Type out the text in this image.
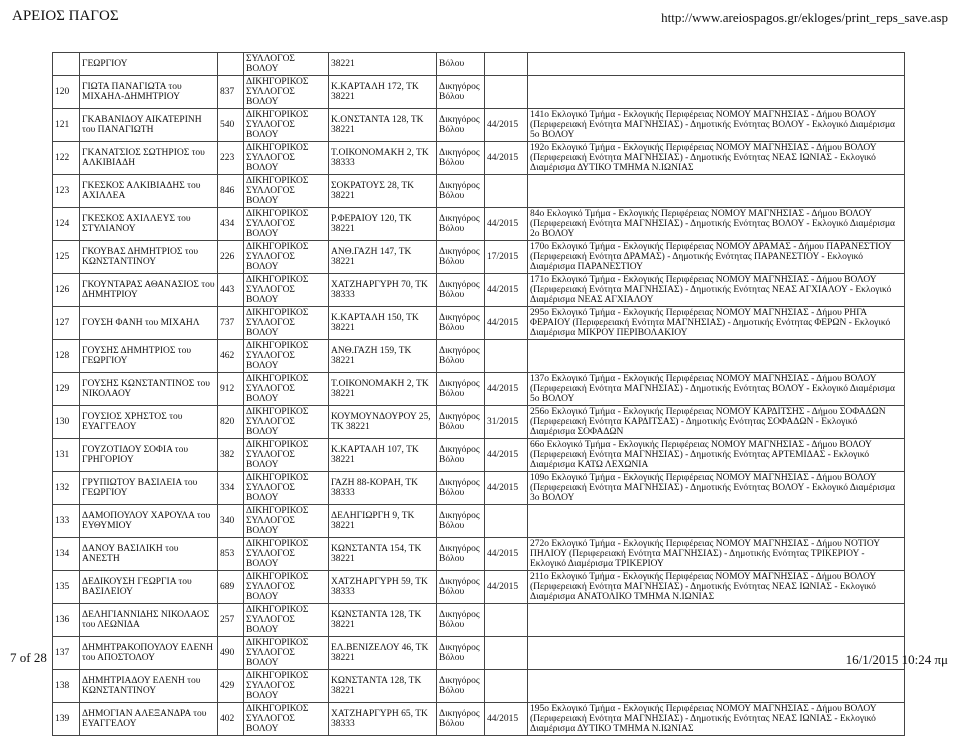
ΑΡΕΙΟΣ ΠΑΓΟΣ	http://www.areiospagos.gr/ekloges/print_reps_save.asp
	ΓΕΩΡΓΙΟΥ		ΣΥΛΛΟΓΟΣ ΒΟΛΟΥ	38221	Βόλου		
120	ΓΙΩΤΑ ΠΑΝΑΓΙΩΤΑ του ΜΙΧΑΗΛ-ΔΗΜΗΤΡΙΟΥ	837	ΔΙΚΗΓΟΡΙΚΟΣ ΣΥΛΛΟΓΟΣ ΒΟΛΟΥ	Κ.ΚΑΡΤΑΛΗ 172, ΤΚ 38221	Δικηγόρος Βόλου		
121	ΓΚΑΒΑΝΙΔΟΥ ΑΙΚΑΤΕΡΙΝΗ του ΠΑΝΑΓΙΩΤΗ	540	ΔΙΚΗΓΟΡΙΚΟΣ ΣΥΛΛΟΓΟΣ ΒΟΛΟΥ	Κ.ΟΝΣΤΑΝΤΑ 128, ΤΚ 38221	Δικηγόρος Βόλου	44/2015	141ο Εκλογικό Τμήμα - Εκλογικής Περιφέρειας ΝΟΜΟΥ ΜΑΓΝΗΣΙΑΣ - Δήμου ΒΟΛΟΥ (Περιφερειακή Ενότητα ΜΑΓΝΗΣΙΑΣ) - Δημοτικής Ενότητας ΒΟΛΟΥ - Εκλογικό Διαμέρισμα 5ο ΒΟΛΟΥ
122	ΓΚΑΝΑΤΣΙΟΣ ΣΩΤΗΡΙΟΣ του ΑΛΚΙΒΙΑΔΗ	223	ΔΙΚΗΓΟΡΙΚΟΣ ΣΥΛΛΟΓΟΣ ΒΟΛΟΥ	Τ.ΟΙΚΟΝΟΜΑΚΗ 2, ΤΚ 38333	Δικηγόρος Βόλου	44/2015	192ο Εκλογικό Τμήμα - Εκλογικής Περιφέρειας ΝΟΜΟΥ ΜΑΓΝΗΣΙΑΣ - Δήμου ΒΟΛΟΥ (Περιφερειακή Ενότητα ΜΑΓΝΗΣΙΑΣ) - Δημοτικής Ενότητας ΝΕΑΣ ΙΩΝΙΑΣ - Εκλογικό Διαμέρισμα ΔΥΤΙΚΟ ΤΜΗΜΑ Ν.ΙΩΝΙΑΣ
123	ΓΚΕΣΚΟΣ ΑΛΚΙΒΙΑΔΗΣ του ΑΧΙΛΛΕΑ	846	ΔΙΚΗΓΟΡΙΚΟΣ ΣΥΛΛΟΓΟΣ ΒΟΛΟΥ	ΣΟΚΡΑΤΟΥΣ 28, ΤΚ 38221	Δικηγόρος Βόλου		
124	ΓΚΕΣΚΟΣ ΑΧΙΛΛΕΥΣ του ΣΤΥΛΙΑΝΟΥ	434	ΔΙΚΗΓΟΡΙΚΟΣ ΣΥΛΛΟΓΟΣ ΒΟΛΟΥ	Ρ.ΦΕΡΑΙΟΥ 120, ΤΚ 38221	Δικηγόρος Βόλου	44/2015	84ο Εκλογικό Τμήμα - Εκλογικής Περιφέρειας ΝΟΜΟΥ ΜΑΓΝΗΣΙΑΣ - Δήμου ΒΟΛΟΥ (Περιφερειακή Ενότητα ΜΑΓΝΗΣΙΑΣ) - Δημοτικής Ενότητας ΒΟΛΟΥ - Εκλογικό Διαμέρισμα 2ο ΒΟΛΟΥ
125	ΓΚΟΥΒΑΣ ΔΗΜΗΤΡΙΟΣ του ΚΩΝΣΤΑΝΤΙΝΟΥ	226	ΔΙΚΗΓΟΡΙΚΟΣ ΣΥΛΛΟΓΟΣ ΒΟΛΟΥ	ΑΝΘ.ΓΑΖΗ 147, ΤΚ 38221	Δικηγόρος Βόλου	17/2015	170ο Εκλογικό Τμήμα - Εκλογικής Περιφέρειας ΝΟΜΟΥ ΔΡΑΜΑΣ - Δήμου ΠΑΡΑΝΕΣΤΙΟΥ (Περιφερειακή Ενότητα ΔΡΑΜΑΣ) - Δημοτικής Ενότητας ΠΑΡΑΝΕΣΤΙΟΥ - Εκλογικό Διαμέρισμα ΠΑΡΑΝΕΣΤΙΟΥ
126	ΓΚΟΥΝΤΑΡΑΣ ΑΘΑΝΑΣΙΟΣ του ΔΗΜΗΤΡΙΟΥ	443	ΔΙΚΗΓΟΡΙΚΟΣ ΣΥΛΛΟΓΟΣ ΒΟΛΟΥ	ΧΑΤΖΗΑΡΓΥΡΗ 70, ΤΚ 38333	Δικηγόρος Βόλου	44/2015	171ο Εκλογικό Τμήμα - Εκλογικής Περιφέρειας ΝΟΜΟΥ ΜΑΓΝΗΣΙΑΣ - Δήμου ΒΟΛΟΥ (Περιφερειακή Ενότητα ΜΑΓΝΗΣΙΑΣ) - Δημοτικής Ενότητας ΝΕΑΣ ΑΓΧΙΑΛΟΥ - Εκλογικό Διαμέρισμα ΝΕΑΣ ΑΓΧΙΑΛΟΥ
127	ΓΟΥΣΗ ΦΑΝΗ του ΜΙΧΑΗΛ	737	ΔΙΚΗΓΟΡΙΚΟΣ ΣΥΛΛΟΓΟΣ ΒΟΛΟΥ	Κ.ΚΑΡΤΑΛΗ 150, ΤΚ 38221	Δικηγόρος Βόλου	44/2015	295ο Εκλογικό Τμήμα - Εκλογικής Περιφέρειας ΝΟΜΟΥ ΜΑΓΝΗΣΙΑΣ - Δήμου ΡΗΓΑ ΦΕΡΑΙΟΥ (Περιφερειακή Ενότητα ΜΑΓΝΗΣΙΑΣ) - Δημοτικής Ενότητας ΦΕΡΩΝ - Εκλογικό Διαμέρισμα ΜΙΚΡΟΥ ΠΕΡΙΒΟΛΑΚΙΟΥ
128	ΓΟΥΣΗΣ ΔΗΜΗΤΡΙΟΣ του ΓΕΩΡΓΙΟΥ	462	ΔΙΚΗΓΟΡΙΚΟΣ ΣΥΛΛΟΓΟΣ ΒΟΛΟΥ	ΑΝΘ.ΓΑΖΗ 159, ΤΚ 38221	Δικηγόρος Βόλου		
129	ΓΟΥΣΗΣ ΚΩΝΣΤΑΝΤΙΝΟΣ του ΝΙΚΟΛΑΟΥ	912	ΔΙΚΗΓΟΡΙΚΟΣ ΣΥΛΛΟΓΟΣ ΒΟΛΟΥ	Τ.ΟΙΚΟΝΟΜΑΚΗ 2, ΤΚ 38221	Δικηγόρος Βόλου	44/2015	137ο Εκλογικό Τμήμα - Εκλογικής Περιφέρειας ΝΟΜΟΥ ΜΑΓΝΗΣΙΑΣ - Δήμου ΒΟΛΟΥ (Περιφερειακή Ενότητα ΜΑΓΝΗΣΙΑΣ) - Δημοτικής Ενότητας ΒΟΛΟΥ - Εκλογικό Διαμέρισμα 5ο ΒΟΛΟΥ
130	ΓΟΥΣΙΟΣ ΧΡΗΣΤΟΣ του ΕΥΑΓΓΕΛΟΥ	820	ΔΙΚΗΓΟΡΙΚΟΣ ΣΥΛΛΟΓΟΣ ΒΟΛΟΥ	ΚΟΥΜΟΥΝΔΟΥΡΟΥ 25, ΤΚ 38221	Δικηγόρος Βόλου	31/2015	256ο Εκλογικό Τμήμα - Εκλογικής Περιφέρειας ΝΟΜΟΥ ΚΑΡΔΙΤΣΗΣ - Δήμου ΣΟΦΑΔΩΝ (Περιφερειακή Ενότητα ΚΑΡΔΙΤΣΑΣ) - Δημοτικής Ενότητας ΣΟΦΑΔΩΝ - Εκλογικό Διαμέρισμα ΣΟΦΑΔΩΝ
131	ΓΟΥΖΟΤΙΔΟΥ ΣΟΦΙΑ του ΓΡΗΓΟΡΙΟΥ	382	ΔΙΚΗΓΟΡΙΚΟΣ ΣΥΛΛΟΓΟΣ ΒΟΛΟΥ	Κ.ΚΑΡΤΑΛΗ 107, ΤΚ 38221	Δικηγόρος Βόλου	44/2015	66ο Εκλογικό Τμήμα - Εκλογικής Περιφέρειας ΝΟΜΟΥ ΜΑΓΝΗΣΙΑΣ - Δήμου ΒΟΛΟΥ (Περιφερειακή Ενότητα ΜΑΓΝΗΣΙΑΣ) - Δημοτικής Ενότητας ΑΡΤΕΜΙΔΑΣ - Εκλογικό Διαμέρισμα ΚΑΤΩ ΛΕΧΩΝΙΑ
132	ΓΡΥΠΙΩΤΟΥ ΒΑΣΙΛΕΙΑ του ΓΕΩΡΓΙΟΥ	334	ΔΙΚΗΓΟΡΙΚΟΣ ΣΥΛΛΟΓΟΣ ΒΟΛΟΥ	ΓΑΖΗ 88-ΚΟΡΑΗ, ΤΚ 38333	Δικηγόρος Βόλου	44/2015	109ο Εκλογικό Τμήμα - Εκλογικής Περιφέρειας ΝΟΜΟΥ ΜΑΓΝΗΣΙΑΣ - Δήμου ΒΟΛΟΥ (Περιφερειακή Ενότητα ΜΑΓΝΗΣΙΑΣ) - Δημοτικής Ενότητας ΒΟΛΟΥ - Εκλογικό Διαμέρισμα 3ο ΒΟΛΟΥ
133	ΔΑΜΟΠΟΥΛΟΥ ΧΑΡΟΥΛΑ του ΕΥΘΥΜΙΟΥ	340	ΔΙΚΗΓΟΡΙΚΟΣ ΣΥΛΛΟΓΟΣ ΒΟΛΟΥ	ΔΕΛΗΓΙΩΡΓΗ 9, ΤΚ 38221	Δικηγόρος Βόλου		
134	ΔΑΝΟΥ ΒΑΣΙΛΙΚΗ του ΑΝΕΣΤΗ	853	ΔΙΚΗΓΟΡΙΚΟΣ ΣΥΛΛΟΓΟΣ ΒΟΛΟΥ	ΚΩΝΣΤΑΝΤΑ 154, ΤΚ 38221	Δικηγόρος Βόλου	44/2015	272ο Εκλογικό Τμήμα - Εκλογικής Περιφέρειας ΝΟΜΟΥ ΜΑΓΝΗΣΙΑΣ - Δήμου ΝΟΤΙΟΥ ΠΗΛΙΟΥ (Περιφερειακή Ενότητα ΜΑΓΝΗΣΙΑΣ) - Δημοτικής Ενότητας ΤΡΙΚΕΡΙΟΥ - Εκλογικό Διαμέρισμα ΤΡΙΚΕΡΙΟΥ
135	ΔΕΔΙΚΟΥΣΗ ΓΕΩΡΓΙΑ του ΒΑΣΙΛΕΙΟΥ	689	ΔΙΚΗΓΟΡΙΚΟΣ ΣΥΛΛΟΓΟΣ ΒΟΛΟΥ	ΧΑΤΖΗΑΡΓΥΡΗ 59, ΤΚ 38333	Δικηγόρος Βόλου	44/2015	211ο Εκλογικό Τμήμα - Εκλογικής Περιφέρειας ΝΟΜΟΥ ΜΑΓΝΗΣΙΑΣ - Δήμου ΒΟΛΟΥ (Περιφερειακή Ενότητα ΜΑΓΝΗΣΙΑΣ) - Δημοτικής Ενότητας ΝΕΑΣ ΙΩΝΙΑΣ - Εκλογικό Διαμέρισμα ΑΝΑΤΟΛΙΚΟ ΤΜΗΜΑ Ν.ΙΩΝΙΑΣ
136	ΔΕΛΗΓΙΑΝΝΙΔΗΣ ΝΙΚΟΛΑΟΣ του ΛΕΩΝΙΔΑ	257	ΔΙΚΗΓΟΡΙΚΟΣ ΣΥΛΛΟΓΟΣ ΒΟΛΟΥ	ΚΩΝΣΤΑΝΤΑ 128, ΤΚ 38221	Δικηγόρος Βόλου		
137	ΔΗΜΗΤΡΑΚΟΠΟΥΛΟΥ ΕΛΕΝΗ του ΑΠΟΣΤΟΛΟΥ	490	ΔΙΚΗΓΟΡΙΚΟΣ ΣΥΛΛΟΓΟΣ ΒΟΛΟΥ	ΕΛ.ΒΕΝΙΖΕΛΟΥ 46, ΤΚ 38221	Δικηγόρος Βόλου		
138	ΔΗΜΗΤΡΙΑΔΟΥ ΕΛΕΝΗ του ΚΩΝΣΤΑΝΤΙΝΟΥ	429	ΔΙΚΗΓΟΡΙΚΟΣ ΣΥΛΛΟΓΟΣ ΒΟΛΟΥ	ΚΩΝΣΤΑΝΤΑ 128, ΤΚ 38221	Δικηγόρος Βόλου		
139	ΔΗΜΟΓΙΑΝ ΑΛΕΞΑΝΔΡΑ του ΕΥΑΓΓΕΛΟΥ	402	ΔΙΚΗΓΟΡΙΚΟΣ ΣΥΛΛΟΓΟΣ ΒΟΛΟΥ	ΧΑΤΖΗΑΡΓΥΡΗ 65, ΤΚ 38333	Δικηγόρος Βόλου	44/2015	195ο Εκλογικό Τμήμα - Εκλογικής Περιφέρειας ΝΟΜΟΥ ΜΑΓΝΗΣΙΑΣ - Δήμου ΒΟΛΟΥ (Περιφερειακή Ενότητα ΜΑΓΝΗΣΙΑΣ) - Δημοτικής Ενότητας ΝΕΑΣ ΙΩΝΙΑΣ - Εκλογικό Διαμέρισμα ΔΥΤΙΚΟ ΤΜΗΜΑ Ν.ΙΩΝΙΑΣ
7 of 28	16/1/2015 10:24 πμ
